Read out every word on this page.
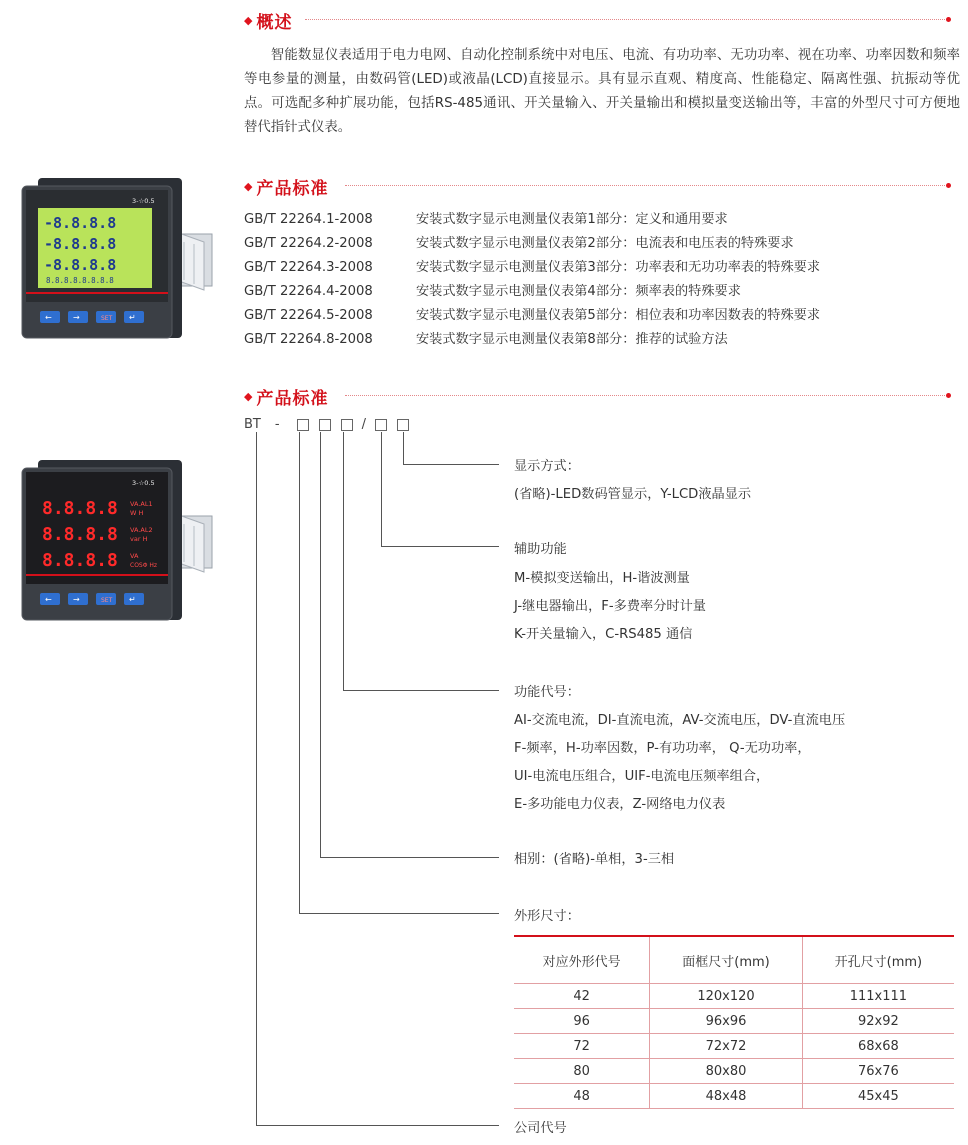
◆ 概述
智能数显仪表适用于电力电网、自动化控制系统中对电压、电流、有功功率、无功功率、视在功率、功率因数和频率等电参量的测量，由数码管(LED)或液晶(LCD)直接显示。具有显示直观、精度高、性能稳定、隔离性强、抗振动等优点。可选配多种扩展功能，包括RS-485通讯、开关量输入、开关量输出和模拟量变送输出等，丰富的外型尺寸可方便地替代指针式仪表。
◆ 产品标准
GB/T 22264.1-2008	安装式数字显示电测量仪表第1部分：定义和通用要求
GB/T 22264.2-2008	安装式数字显示电测量仪表第2部分：电流表和电压表的特殊要求
GB/T 22264.3-2008	安装式数字显示电测量仪表第3部分：功率表和无功功率表的特殊要求
GB/T 22264.4-2008	安装式数字显示电测量仪表第4部分：频率表的特殊要求
GB/T 22264.5-2008	安装式数字显示电测量仪表第5部分：相位表和功率因数表的特殊要求
GB/T 22264.8-2008	安装式数字显示电测量仪表第8部分：推荐的试验方法
◆ 产品标准
BT -	/
显示方式：
(省略)-LED数码管显示，Y-LCD液晶显示
辅助功能
M-模拟变送输出，H-谐波测量
J-继电器输出，F-多费率分时计量
K-开关量输入，C-RS485 通信
功能代号：
AI-交流电流，DI-直流电流，AV-交流电压，DV-直流电压
F-频率，H-功率因数，P-有功功率， Q-无功功率，
UI-电流电压组合，UIF-电流电压频率组合，
E-多功能电力仪表，Z-网络电力仪表
相别：(省略)-单相，3-三相
外形尺寸：
公司代号
对应外形代号	面框尺寸(mm)	开孔尺寸(mm)
42	120x120	111x111
96	96x96	92x92
72	72x72	68x68
80	80x80	76x76
48	48x48	45x45
3-☆0.5
-8.8.8.8
-8.8.8.8
-8.8.8.8
8.8.8.8.8.8.8.8
←	→	SET ↵
3-☆0.5
8.8.8.8
8.8.8.8
8.8.8.8
VA.AL1
W H
VA.AL2
var H
VA
COSΦ Hz
←	→	SET ↵
